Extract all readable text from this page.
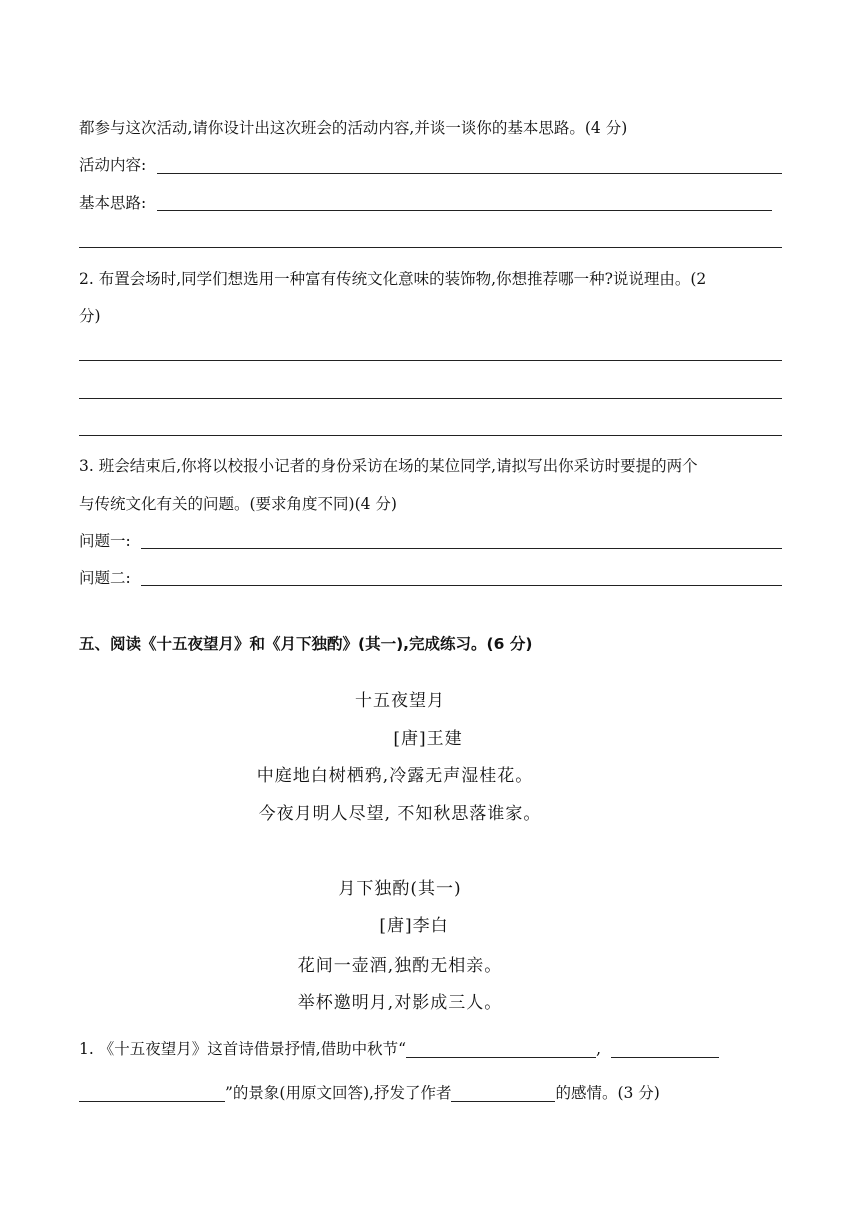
都参与这次活动,请你设计出这次班会的活动内容,并谈一谈你的基本思路。(4 分)
活动内容:
基本思路:
2. 布置会场时,同学们想选用一种富有传统文化意味的装饰物,你想推荐哪一种?说说理由。(2
分)
3. 班会结束后,你将以校报小记者的身份采访在场的某位同学,请拟写出你采访时要提的两个
与传统文化有关的问题。(要求角度不同)(4 分)
问题一:
问题二:
五、阅读《十五夜望月》和《月下独酌》(其一),完成练习。(6 分)
十五夜望月
[唐]王建
中庭地白树栖鸦,冷露无声湿桂花。
今夜月明人尽望, 不知秋思落谁家。
月下独酌(其一)
[唐]李白
花间一壶酒,独酌无相亲。
举杯邀明月,对影成三人。
1. 《十五夜望月》这首诗借景抒情,借助中秋节“	,
”的景象(用原文回答),抒发了作者	的感情。(3 分)
